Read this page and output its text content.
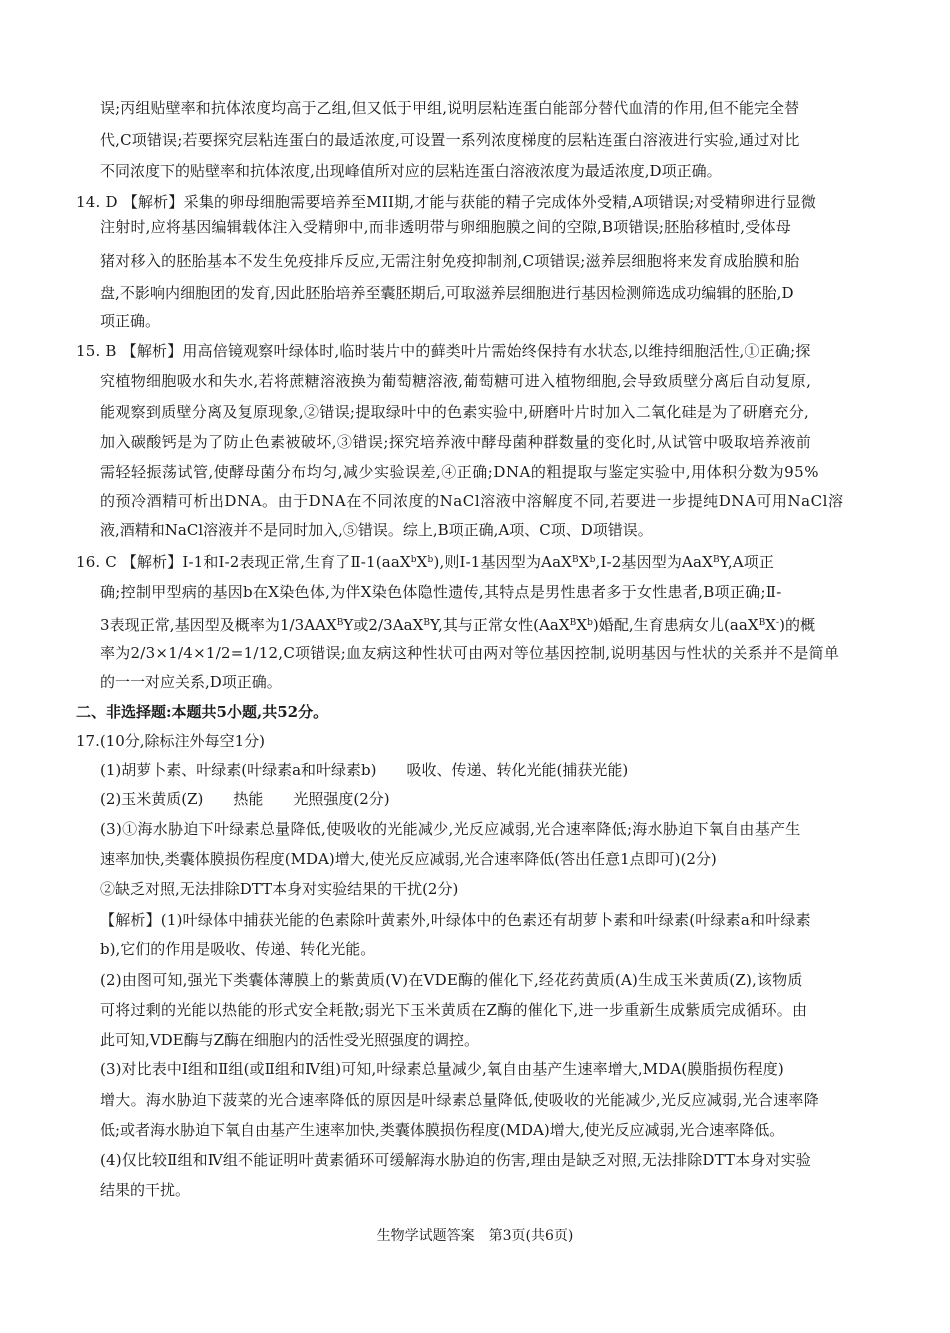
误;丙组贴壁率和抗体浓度均高于乙组,但又低于甲组,说明层粘连蛋白能部分替代血清的作用,但不能完全替
代,C项错误;若要探究层粘连蛋白的最适浓度,可设置一系列浓度梯度的层粘连蛋白溶液进行实验,通过对比
不同浓度下的贴壁率和抗体浓度,出现峰值所对应的层粘连蛋白溶液浓度为最适浓度,D项正确。
14. D 【解析】采集的卵母细胞需要培养至MII期,才能与获能的精子完成体外受精,A项错误;对受精卵进行显微
注射时,应将基因编辑载体注入受精卵中,而非透明带与卵细胞膜之间的空隙,B项错误;胚胎移植时,受体母
猪对移入的胚胎基本不发生免疫排斥反应,无需注射免疫抑制剂,C项错误;滋养层细胞将来发育成胎膜和胎
盘,不影响内细胞团的发育,因此胚胎培养至囊胚期后,可取滋养层细胞进行基因检测筛选成功编辑的胚胎,D
项正确。
15. B 【解析】用高倍镜观察叶绿体时,临时装片中的藓类叶片需始终保持有水状态,以维持细胞活性,①正确;探
究植物细胞吸水和失水,若将蔗糖溶液换为葡萄糖溶液,葡萄糖可进入植物细胞,会导致质壁分离后自动复原,
能观察到质壁分离及复原现象,②错误;提取绿叶中的色素实验中,研磨叶片时加入二氧化硅是为了研磨充分,
加入碳酸钙是为了防止色素被破坏,③错误;探究培养液中酵母菌种群数量的变化时,从试管中吸取培养液前
需轻轻振荡试管,使酵母菌分布均匀,减少实验误差,④正确;DNA的粗提取与鉴定实验中,用体积分数为95%
的预冷酒精可析出DNA。由于DNA在不同浓度的NaCl溶液中溶解度不同,若要进一步提纯DNA可用NaCl溶
液,酒精和NaCl溶液并不是同时加入,⑤错误。综上,B项正确,A项、C项、D项错误。
16. C 【解析】Ⅰ-1和Ⅰ-2表现正常,生育了$Ⅱ-1(aaX^bX^b)$,则Ⅰ-1基因型为$AaX^BX^b,Ⅰ-2$基因型为AaX$^B$Y,A项正
确;控制甲型病的基因b在X染色体,为伴X染色体隐性遗传,其特点是男性患者多于女性患者,B项正确;Ⅱ-
3表现正常,基因型及概率为$1/3AAX^BY$或2/3AaX$^B$Y,其与正常女性$(AaX^BX^b)$婚配,生育患病女儿(aaX$^B$X-)的概
率为2/3×1/4×1/2=1/12,C项错误;血友病这种性状可由两对等位基因控制,说明基因与性状的关系并不是简单
的一一对应关系,D项正确。
二、非选择题:本题共5小题,共52分。
17.(10分,除标注外每空1分)
(1)胡萝卜素、叶绿素(叶绿素a和叶绿素b)　　吸收、传递、转化光能(捕获光能)
(2)玉米黄质(Z)　　热能　　光照强度(2分)
(3)①海水胁迫下叶绿素总量降低,使吸收的光能减少,光反应减弱,光合速率降低;海水胁迫下氧自由基产生
速率加快,类囊体膜损伤程度(MDA)增大,使光反应减弱,光合速率降低(答出任意1点即可)(2分)
②缺乏对照,无法排除DTT本身对实验结果的干扰(2分)
【解析】(1)叶绿体中捕获光能的色素除叶黄素外,叶绿体中的色素还有胡萝卜素和叶绿素(叶绿素a和叶绿素
b),它们的作用是吸收、传递、转化光能。
(2)由图可知,强光下类囊体薄膜上的紫黄质(V)在VDE酶的催化下,经花药黄质(A)生成玉米黄质(Z),该物质
可将过剩的光能以热能的形式安全耗散;弱光下玉米黄质在Z酶的催化下,进一步重新生成紫质完成循环。由
此可知,VDE酶与Z酶在细胞内的活性受光照强度的调控。
(3)对比表中Ⅰ组和Ⅱ组(或Ⅱ组和Ⅳ组)可知,叶绿素总量减少,氧自由基产生速率增大,MDA(膜脂损伤程度)
增大。海水胁迫下菠菜的光合速率降低的原因是叶绿素总量降低,使吸收的光能减少,光反应减弱,光合速率降
低;或者海水胁迫下氧自由基产生速率加快,类囊体膜损伤程度(MDA)增大,使光反应减弱,光合速率降低。
(4)仅比较Ⅱ组和Ⅳ组不能证明叶黄素循环可缓解海水胁迫的伤害,理由是缺乏对照,无法排除DTT本身对实验
结果的干扰。
生物学试题答案　第3页(共6页)
